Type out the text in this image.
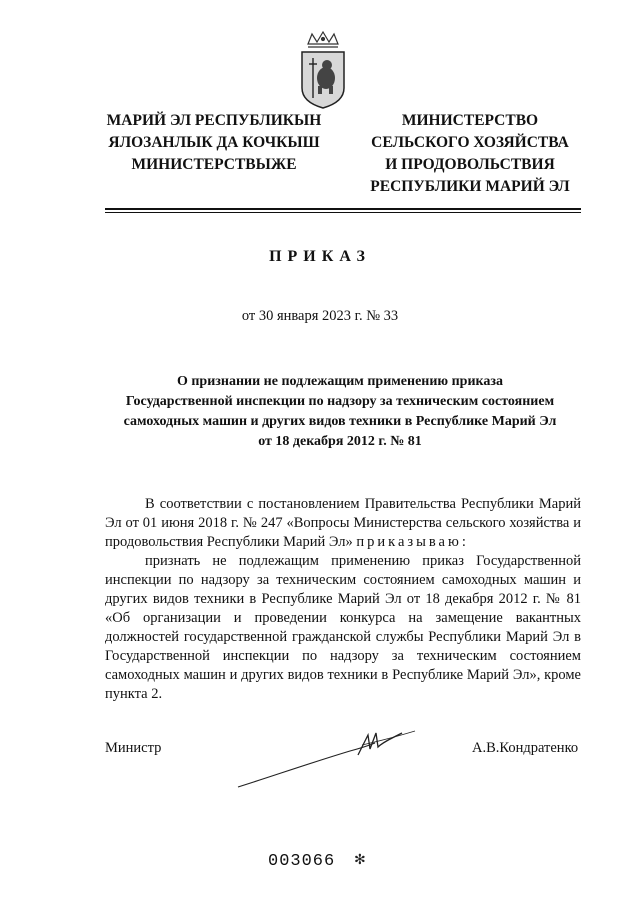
МАРИЙ ЭЛ РЕСПУБЛИКЫН
ЯЛОЗАНЛЫК ДА КОЧКЫШ
МИНИСТЕРСТВЫЖЕ
МИНИСТЕРСТВО
СЕЛЬСКОГО ХОЗЯЙСТВА
И ПРОДОВОЛЬСТВИЯ
РЕСПУБЛИКИ МАРИЙ ЭЛ
ПРИКАЗ
от 30 января 2023 г. № 33
О признании не подлежащим применению приказа
Государственной инспекции по надзору за техническим состоянием
самоходных машин и других видов техники в Республике Марий Эл
от 18 декабря 2012 г. № 81

В соответствии с постановлением Правительства Республики Марий Эл от 01 июня 2018 г. № 247 «Вопросы Министерства сельского хозяйства и продовольствия Республики Марий Эл» приказываю:

признать не подлежащим применению приказ Государственной инспекции по надзору за техническим состоянием самоходных машин и других видов техники в Республике Марий Эл от 18 декабря 2012 г. № 81 «Об организации и проведении конкурса на замещение вакантных должностей государственной гражданской службы Республики Марий Эл в Государственной инспекции по надзору за техническим состоянием самоходных машин и других видов техники в Республике Марий Эл», кроме пункта 2.

Министр	А.В.Кондратенко
003066 ✻
